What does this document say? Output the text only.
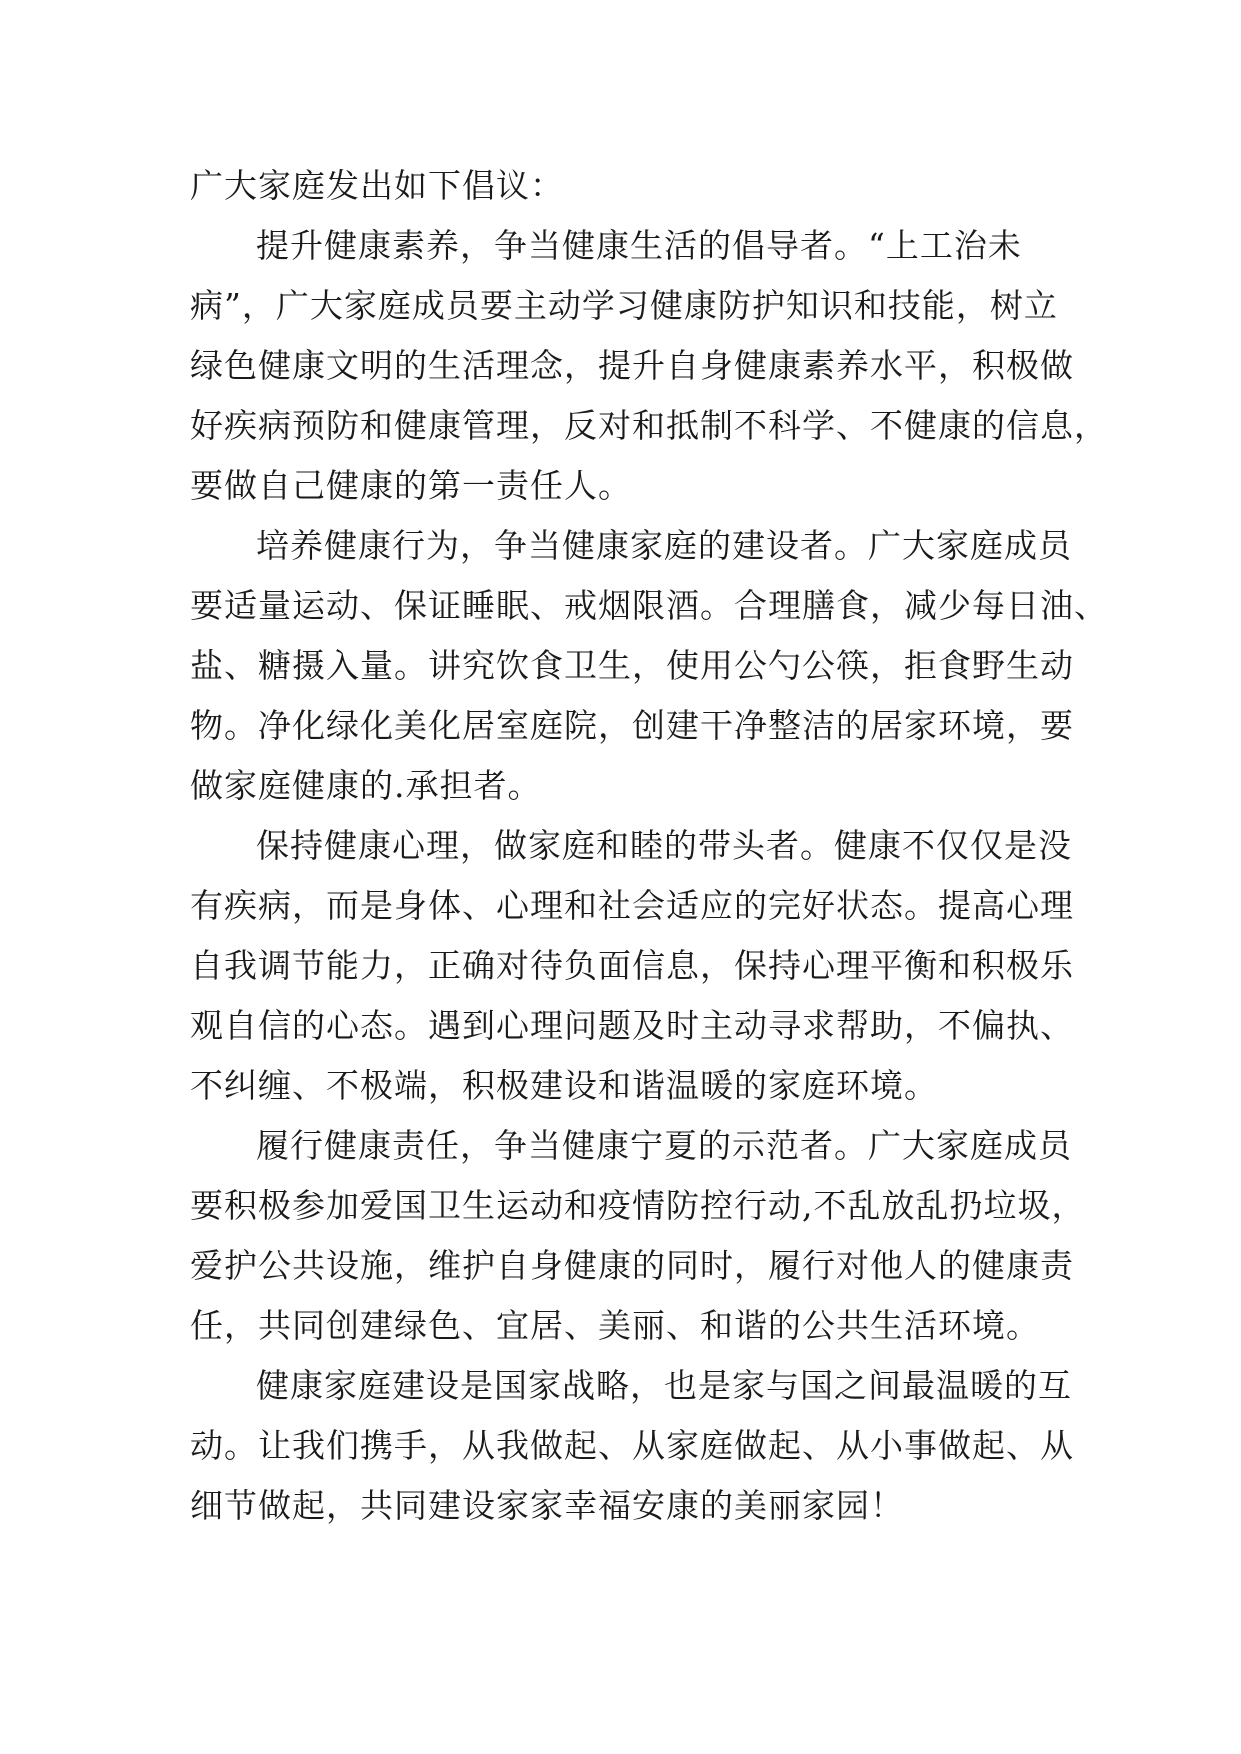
广大家庭发出如下倡议：
提升健康素养，争当健康生活的倡导者。“上工治未
病”，广大家庭成员要主动学习健康防护知识和技能，树立
绿色健康文明的生活理念，提升自身健康素养水平，积极做
好疾病预防和健康管理，反对和抵制不科学、不健康的信息，
要做自己健康的第一责任人。
培养健康行为，争当健康家庭的建设者。广大家庭成员
要适量运动、保证睡眠、戒烟限酒。合理膳食，减少每日油、
盐、糖摄入量。讲究饮食卫生，使用公勺公筷，拒食野生动
物。净化绿化美化居室庭院，创建干净整洁的居家环境，要
做家庭健康的.承担者。
保持健康心理，做家庭和睦的带头者。健康不仅仅是没
有疾病，而是身体、心理和社会适应的完好状态。提高心理
自我调节能力，正确对待负面信息，保持心理平衡和积极乐
观自信的心态。遇到心理问题及时主动寻求帮助，不偏执、
不纠缠、不极端，积极建设和谐温暖的家庭环境。
履行健康责任，争当健康宁夏的示范者。广大家庭成员
要积极参加爱国卫生运动和疫情防控行动,不乱放乱扔垃圾，
爱护公共设施，维护自身健康的同时，履行对他人的健康责
任，共同创建绿色、宜居、美丽、和谐的公共生活环境。
健康家庭建设是国家战略，也是家与国之间最温暖的互
动。让我们携手，从我做起、从家庭做起、从小事做起、从
细节做起，共同建设家家幸福安康的美丽家园！
